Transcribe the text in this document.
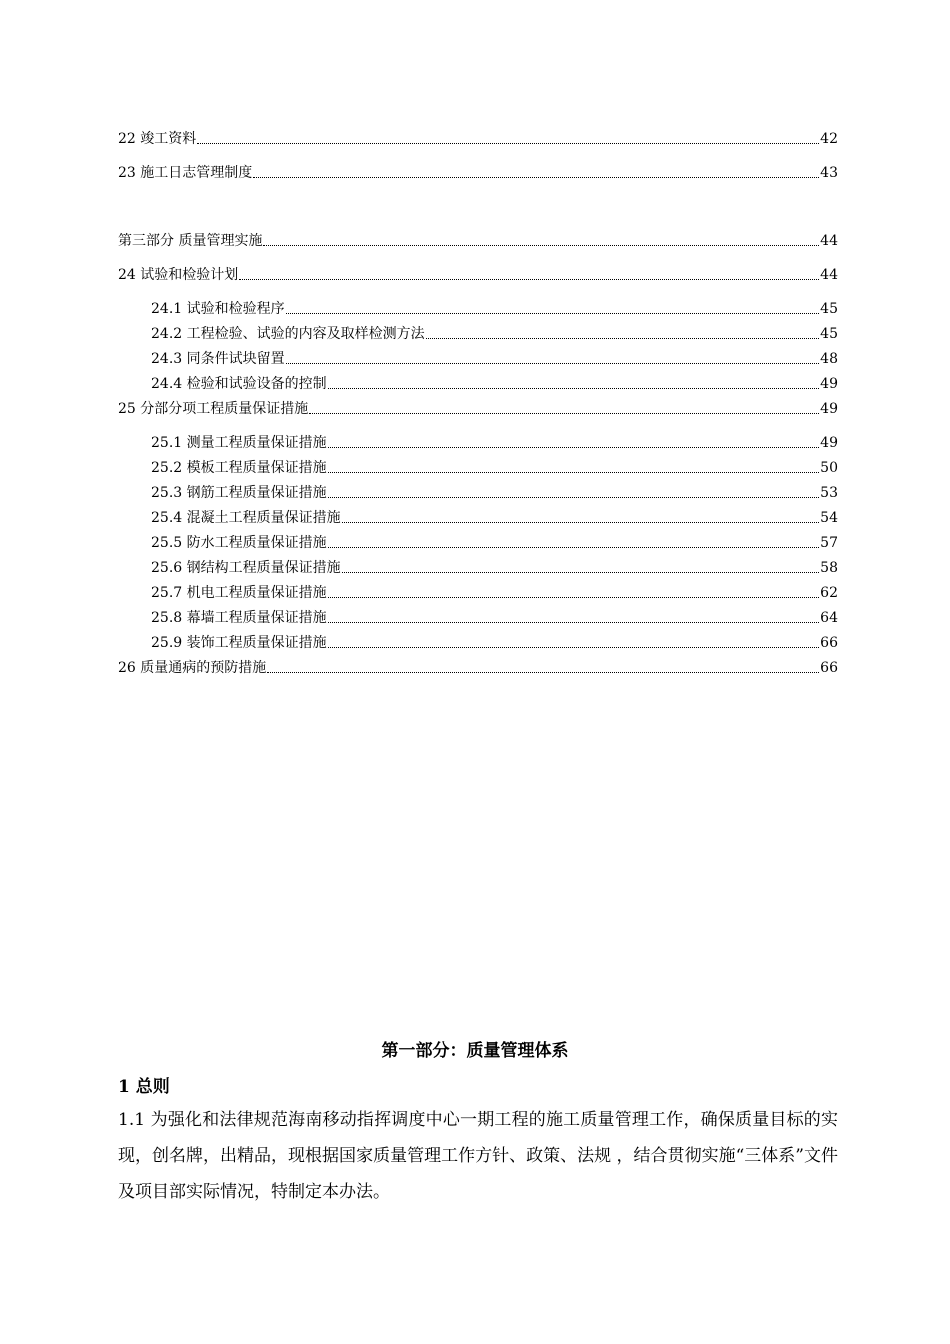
22 竣工资料	42
23 施工日志管理制度	43
第三部分 质量管理实施	44
24 试验和检验计划	44
24.1 试验和检验程序	45
24.2 工程检验、试验的内容及取样检测方法	45
24.3 同条件试块留置	48
24.4 检验和试验设备的控制	49
25 分部分项工程质量保证措施	49
25.1 测量工程质量保证措施	49
25.2 模板工程质量保证措施	50
25.3 钢筋工程质量保证措施	53
25.4 混凝土工程质量保证措施	54
25.5 防水工程质量保证措施	57
25.6 钢结构工程质量保证措施	58
25.7 机电工程质量保证措施	62
25.8 幕墙工程质量保证措施	64
25.9 装饰工程质量保证措施	66
26 质量通病的预防措施	66
第一部分：质量管理体系
1 总则
1.1 为强化和法律规范海南移动指挥调度中心一期工程的施工质量管理工作，确保质量目标的实现，创名牌，出精品，现根据国家质量管理工作方针、政策、法规 ，结合贯彻实施“三体系”文件及项目部实际情况，特制定本办法。
